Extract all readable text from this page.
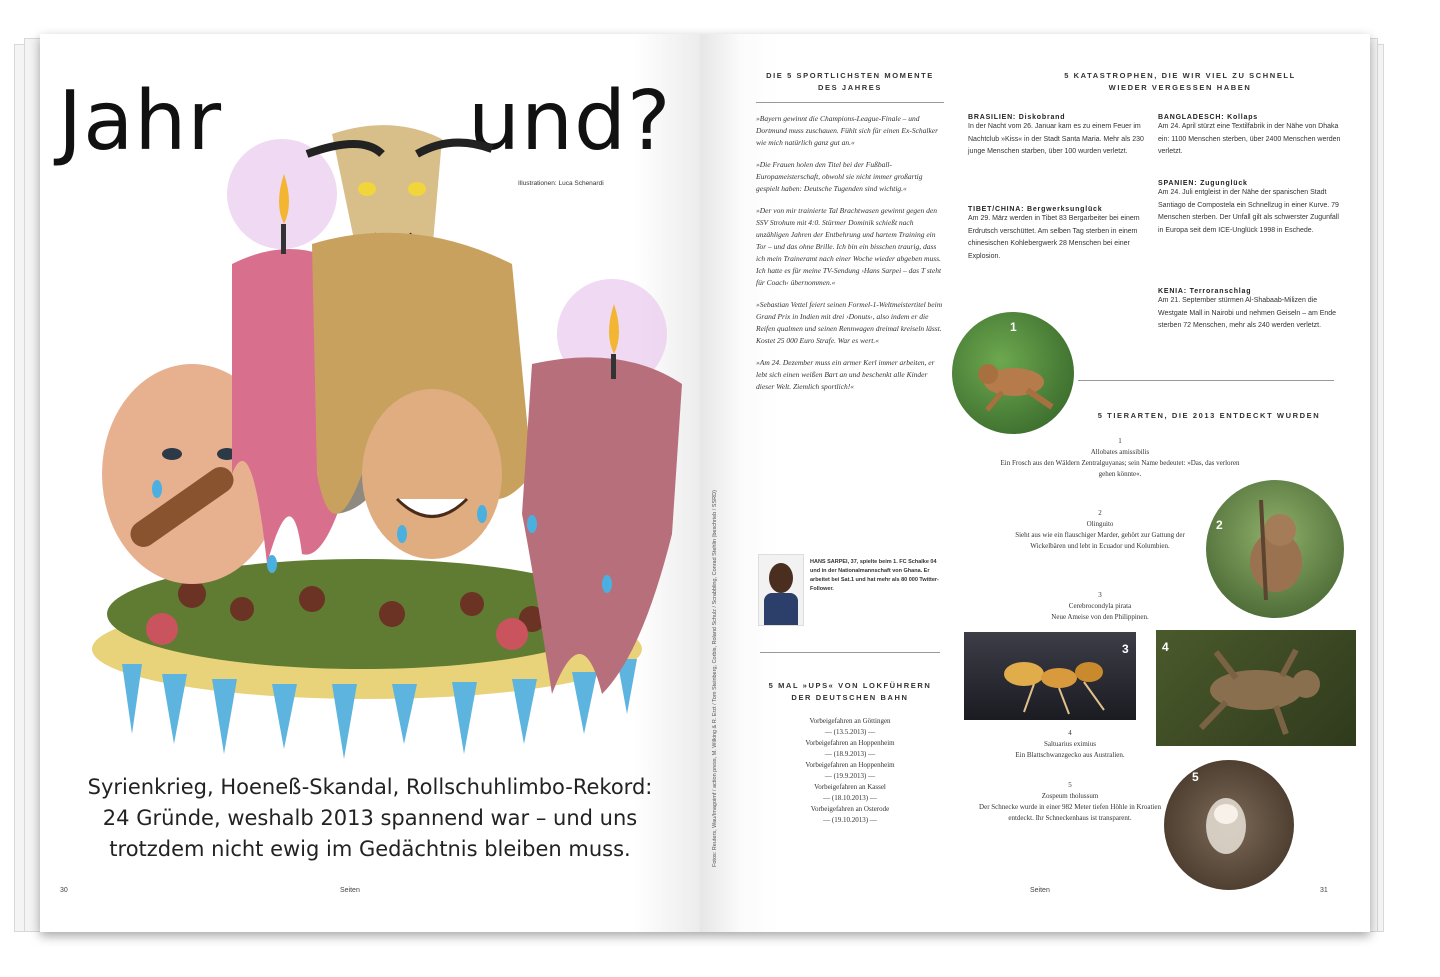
Jahr	und?
Illustrationen: Luca Schenardi
Syrienkrieg, Hoeneß-Skandal, Rollschuhlimbo-Rekord:
24 Gründe, weshalb 2013 spannend war – und uns
trotzdem nicht ewig im Gedächtnis bleiben muss.
30	Seiten
Fotos: Reuters, Wau/Imagoimf / action press, M. Wilking & R. Erzt / Tom Steinberg, Corbis, Roland Schulz / Scrabbling, Conrad Stehlin (beschrieb / SSRD)
DIE 5 SPORTLICHSTEN MOMENTE
DES JAHRES

»Bayern gewinnt die Champions-League-Finale – und Dortmund muss zuschauen. Fühlt sich für einen Ex-Schalker wie mich natürlich ganz gut an.«

»Die Frauen holen den Titel bei der Fußball-Europameisterschaft, obwohl sie nicht immer großartig gespielt haben: Deutsche Tugenden sind wichtig.«

»Der von mir trainierte Tal Brachtwasen gewinnt gegen den SSV Strohum mit 4:0. Stürmer Dominik schießt nach unzähligen Jahren der Entbehrung und hartem Training ein Tor – und das ohne Brille. Ich bin ein bisschen traurig, dass ich mein Traineramt nach einer Woche wieder abgeben muss. Ich hatte es für meine TV-Sendung ›Hans Sarpei – das T steht für Coach‹ übernommen.«

»Sebastian Vettel feiert seinen Formel-1-Weltmeistertitel beim Grand Prix in Indien mit drei ›Donuts‹, also indem er die Reifen qualmen und seinen Rennwagen dreimal kreiseln lässt. Kostet 25 000 Euro Strafe. War es wert.«

»Am 24. Dezember muss ein armer Kerl immer arbeiten, er lebt sich einen weißen Bart an und beschenkt alle Kinder dieser Welt. Ziemlich sportlich!«

HANS SARPEI, 37, spielte beim 1. FC Schalke 04 und in der Nationalmannschaft von Ghana. Er arbeitet bei Sat.1 und hat mehr als 80 000 Twitter-Follower.
5 MAL »UPS« VON LOKFÜHRERN
DER DEUTSCHEN BAHN
Vorbeigefahren an Göttingen
— (13.5.2013) —
Vorbeigefahren an Hoppenheim
— (18.9.2013) —
Vorbeigefahren an Hoppenheim
— (19.9.2013) —
Vorbeigefahren an Kassel
— (18.10.2013) —
Vorbeigefahren an Osterode
— (19.10.2013) —
5 KATASTROPHEN, DIE WIR VIEL ZU SCHNELL
WIEDER VERGESSEN HABEN
BRASILIEN: Diskobrand
In der Nacht vom 26. Januar kam es zu einem Feuer im Nachtclub »Kiss« in der Stadt Santa Maria. Mehr als 230 junge Menschen starben, über 100 wurden verletzt.
TIBET/CHINA: Bergwerksunglück
Am 29. März werden in Tibet 83 Bergarbeiter bei einem Erdrutsch verschüttet. Am selben Tag sterben in einem chinesischen Kohlebergwerk 28 Menschen bei einer Explosion.
BANGLADESCH: Kollaps
Am 24. April stürzt eine Textilfabrik in der Nähe von Dhaka ein: 1100 Menschen sterben, über 2400 Menschen werden verletzt.
SPANIEN: Zugunglück
Am 24. Juli entgleist in der Nähe der spanischen Stadt Santiago de Compostela ein Schnellzug in einer Kurve. 79 Menschen sterben. Der Unfall gilt als schwerster Zugunfall in Europa seit dem ICE-Unglück 1998 in Eschede.
KENIA: Terroranschlag
Am 21. September stürmen Al-Shabaab-Milizen die Westgate Mall in Nairobi und nehmen Geiseln – am Ende sterben 72 Menschen, mehr als 240 werden verletzt.
1
5 TIERARTEN, DIE 2013 ENTDECKT WURDEN
1
Allobates amissibilis
Ein Frosch aus den Wäldern Zentralguyanas; sein Name bedeutet: »Das, das verloren gehen könnte«.
2
Olinguito
Sieht aus wie ein flauschiger Marder, gehört zur Gattung der Wickelbären und lebt in Ecuador und Kolumbien.
3
Cerebrocondyla pirata
Neue Ameise von den Philippinen.
4
Saltuarius eximius
Ein Blattschwanzgecko aus Australien.
5
Zospeum tholussum
Der Schnecke wurde in einer 982 Meter tiefen Höhle in Kroatien entdeckt. Ihr Schneckenhaus ist transparent.
2
3	4
5
Seiten	31
